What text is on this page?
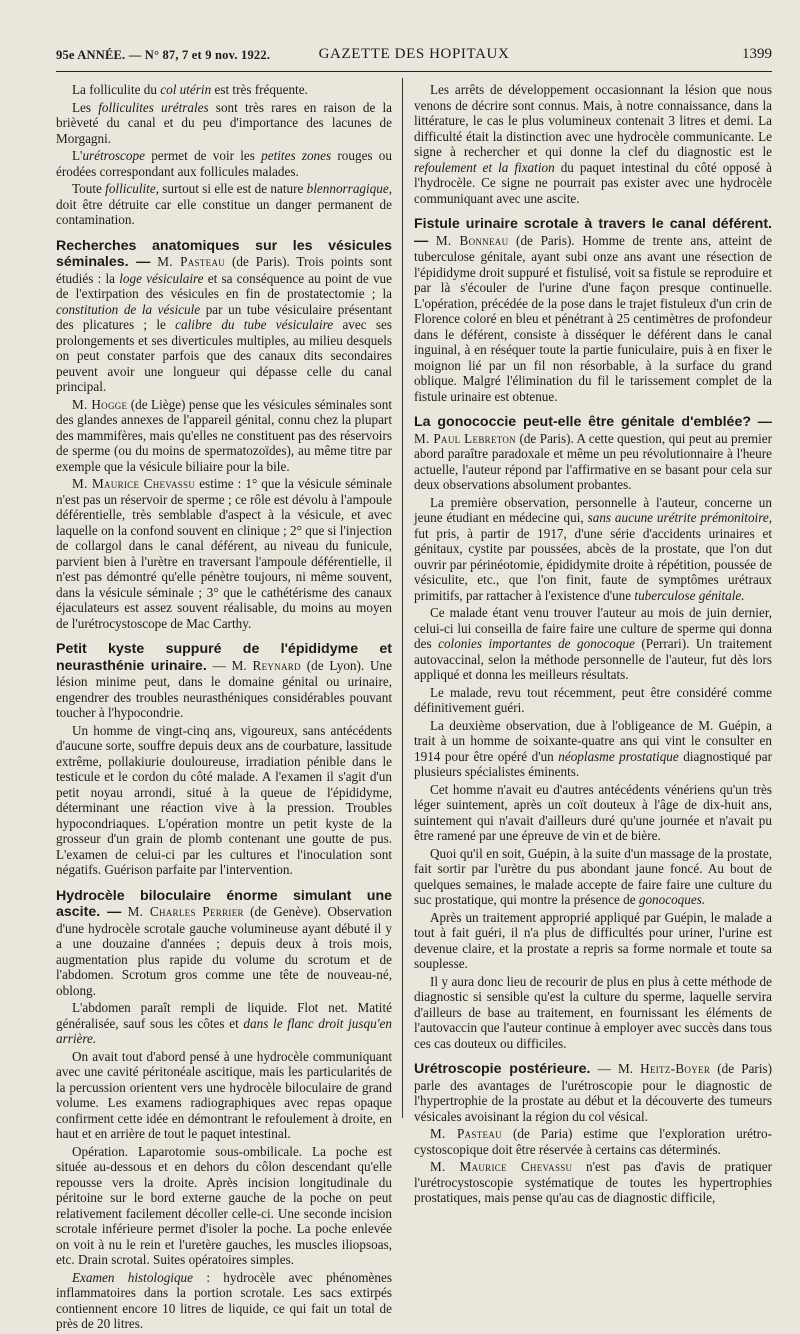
95e ANNÉE. — N° 87, 7 et 9 nov. 1922.	GAZETTE DES HOPITAUX	1399

La folliculite du col utérin est très fréquente.

Les folliculites urétrales sont très rares en raison de la brièveté du canal et du peu d'importance des lacunes de Morgagni.

L'urétroscope permet de voir les petites zones rouges ou érodées correspondant aux follicules malades.

Toute folliculite, surtout si elle est de nature blennorragique, doit être détruite car elle constitue un danger permanent de contamination.

Recherches anatomiques sur les vésicules séminales. — M. Pasteau (de Paris). Trois points sont étudiés : la loge vésiculaire et sa conséquence au point de vue de l'extirpation des vésicules en fin de prostatectomie ; la constitution de la vésicule par un tube vésiculaire présentant des plicatures ; le calibre du tube vésiculaire avec ses prolongements et ses diverticules multiples, au milieu desquels on peut constater parfois que des canaux dits secondaires peuvent avoir une longueur qui dépasse celle du canal principal.

M. Hogge (de Liège) pense que les vésicules séminales sont des glandes annexes de l'appareil génital, connu chez la plupart des mammifères, mais qu'elles ne constituent pas des réservoirs de sperme (ou du moins de spermatozoïdes), au même titre par exemple que la vésicule biliaire pour la bile.

M. Maurice Chevassu estime : 1° que la vésicule séminale n'est pas un réservoir de sperme ; ce rôle est dévolu à l'ampoule déférentielle, très semblable d'aspect à la vésicule, et avec laquelle on la confond souvent en clinique ; 2° que si l'injection de collargol dans le canal déférent, au niveau du funicule, parvient bien à l'urètre en traversant l'ampoule déférentielle, il n'est pas démontré qu'elle pénètre toujours, ni même souvent, dans la vésicule séminale ; 3° que le cathétérisme des canaux éjaculateurs est assez souvent réalisable, du moins au moyen de l'urétrocystoscope de Mac Carthy.

Petit kyste suppuré de l'épididyme et neurasthénie urinaire. — M. Reynard (de Lyon). Une lésion minime peut, dans le domaine génital ou urinaire, engendrer des troubles neurasthéniques considérables pouvant toucher à l'hypocondrie.

Un homme de vingt-cinq ans, vigoureux, sans antécédents d'aucune sorte, souffre depuis deux ans de courbature, lassitude extrême, pollakiurie douloureuse, irradiation pénible dans le testicule et le cordon du côté malade. A l'examen il s'agit d'un petit noyau arrondi, situé à la queue de l'épididyme, déterminant une réaction vive à la pression. Troubles hypocondriaques. L'opération montre un petit kyste de la grosseur d'un grain de plomb contenant une goutte de pus. L'examen de celui-ci par les cultures et l'inoculation sont négatifs. Guérison parfaite par l'intervention.

Hydrocèle biloculaire énorme simulant une ascite. — M. Charles Perrier (de Genève). Observation d'une hydrocèle scrotale gauche volumineuse ayant débuté il y a une douzaine d'années ; depuis deux à trois mois, augmentation plus rapide du volume du scrotum et de l'abdomen. Scrotum gros comme une tête de nouveau-né, oblong.

L'abdomen paraît rempli de liquide. Flot net. Matité généralisée, sauf sous les côtes et dans le flanc droit jusqu'en arrière.

On avait tout d'abord pensé à une hydrocèle communiquant avec une cavité péritonéale ascitique, mais les particularités de la percussion orientent vers une hydrocèle biloculaire de grand volume. Les examens radiographiques avec repas opaque confirment cette idée en démontrant le refoulement à droite, en haut et en arrière de tout le paquet intestinal.

Opération. Laparotomie sous-ombilicale. La poche est située au-dessous et en dehors du côlon descendant qu'elle repousse vers la droite. Après incision longitudinale du péritoine sur le bord externe gauche de la poche on peut relativement facilement décoller celle-ci. Une seconde incision scrotale inférieure permet d'isoler la poche. La poche enlevée on voit à nu le rein et l'uretère gauches, les muscles iliopsoas, etc. Drain scrotal. Suites opératoires simples.

Examen histologique : hydrocèle avec phénomènes inflammatoires dans la portion scrotale. Les sacs extirpés contiennent encore 10 litres de liquide, ce qui fait un total de près de 20 litres.

Les arrêts de développement occasionnant la lésion que nous venons de décrire sont connus. Mais, à notre connaissance, dans la littérature, le cas le plus volumineux contenait 3 litres et demi. La difficulté était la distinction avec une hydrocèle communicante. Le signe à rechercher et qui donne la clef du diagnostic est le refoulement et la fixation du paquet intestinal du côté opposé à l'hydrocèle. Ce signe ne pourrait pas exister avec une hydrocèle communiquant avec une ascite.

Fistule urinaire scrotale à travers le canal déférent. — M. Bonneau (de Paris). Homme de trente ans, atteint de tuberculose génitale, ayant subi onze ans avant une résection de l'épididyme droit suppuré et fistulisé, voit sa fistule se reproduire et par là s'écouler de l'urine d'une façon presque continuelle. L'opération, précédée de la pose dans le trajet fistuleux d'un crin de Florence coloré en bleu et pénétrant à 25 centimètres de profondeur dans le déférent, consiste à disséquer le déférent dans le canal inguinal, à en réséquer toute la partie funiculaire, puis à en fixer le moignon lié par un fil non résorbable, à la surface du grand oblique. Malgré l'élimination du fil le tarissement complet de la fistule urinaire est obtenue.

La gonococcie peut-elle être génitale d'emblée? — M. Paul Lebreton (de Paris). A cette question, qui peut au premier abord paraître paradoxale et même un peu révolutionnaire à l'heure actuelle, l'auteur répond par l'affirmative en se basant pour cela sur deux observations absolument probantes.

La première observation, personnelle à l'auteur, concerne un jeune étudiant en médecine qui, sans aucune urétrite prémonitoire, fut pris, à partir de 1917, d'une série d'accidents urinaires et génitaux, cystite par poussées, abcès de la prostate, que l'on dut ouvrir par périnéotomie, épididymite droite à répétition, poussée de vésiculite, etc., que l'on finit, faute de symptômes urétraux primitifs, par rattacher à l'existence d'une tuberculose génitale.

Ce malade étant venu trouver l'auteur au mois de juin dernier, celui-ci lui conseilla de faire faire une culture de sperme qui donna des colonies importantes de gonocoque (Perrari). Un traitement autovaccinal, selon la méthode personnelle de l'auteur, fut dès lors appliqué et donna les meilleurs résultats.

Le malade, revu tout récemment, peut être considéré comme définitivement guéri.

La deuxième observation, due à l'obligeance de M. Guépin, a trait à un homme de soixante-quatre ans qui vint le consulter en 1914 pour être opéré d'un néoplasme prostatique diagnostiqué par plusieurs spécialistes éminents.

Cet homme n'avait eu d'autres antécédents vénériens qu'un très léger suintement, après un coït douteux à l'âge de dix-huit ans, suintement qui n'avait d'ailleurs duré qu'une journée et n'avait pu être ramené par une épreuve de vin et de bière.

Quoi qu'il en soit, Guépin, à la suite d'un massage de la prostate, fait sortir par l'urètre du pus abondant jaune foncé. Au bout de quelques semaines, le malade accepte de faire faire une culture du suc prostatique, qui montre la présence de gonocoques.

Après un traitement approprié appliqué par Guépin, le malade a tout à fait guéri, il n'a plus de difficultés pour uriner, l'urine est devenue claire, et la prostate a repris sa forme normale et toute sa souplesse.

Il y aura donc lieu de recourir de plus en plus à cette méthode de diagnostic si sensible qu'est la culture du sperme, laquelle servira d'ailleurs de base au traitement, en fournissant les éléments de l'autovaccin que l'auteur continue à employer avec succès dans tous ces cas douteux ou difficiles.

Urétroscopie postérieure. — M. Heitz-Boyer (de Paris) parle des avantages de l'urétroscopie pour le diagnostic de l'hypertrophie de la prostate au début et la découverte des tumeurs vésicales avoisinant la région du col vésical.

M. Pasteau (de Paria) estime que l'exploration urétro-cystoscopique doit être réservée à certains cas déterminés.

M. Maurice Chevassu n'est pas d'avis de pratiquer l'urétrocystoscopie systématique de toutes les hypertrophies prostatiques, mais pense qu'au cas de diagnostic difficile,
